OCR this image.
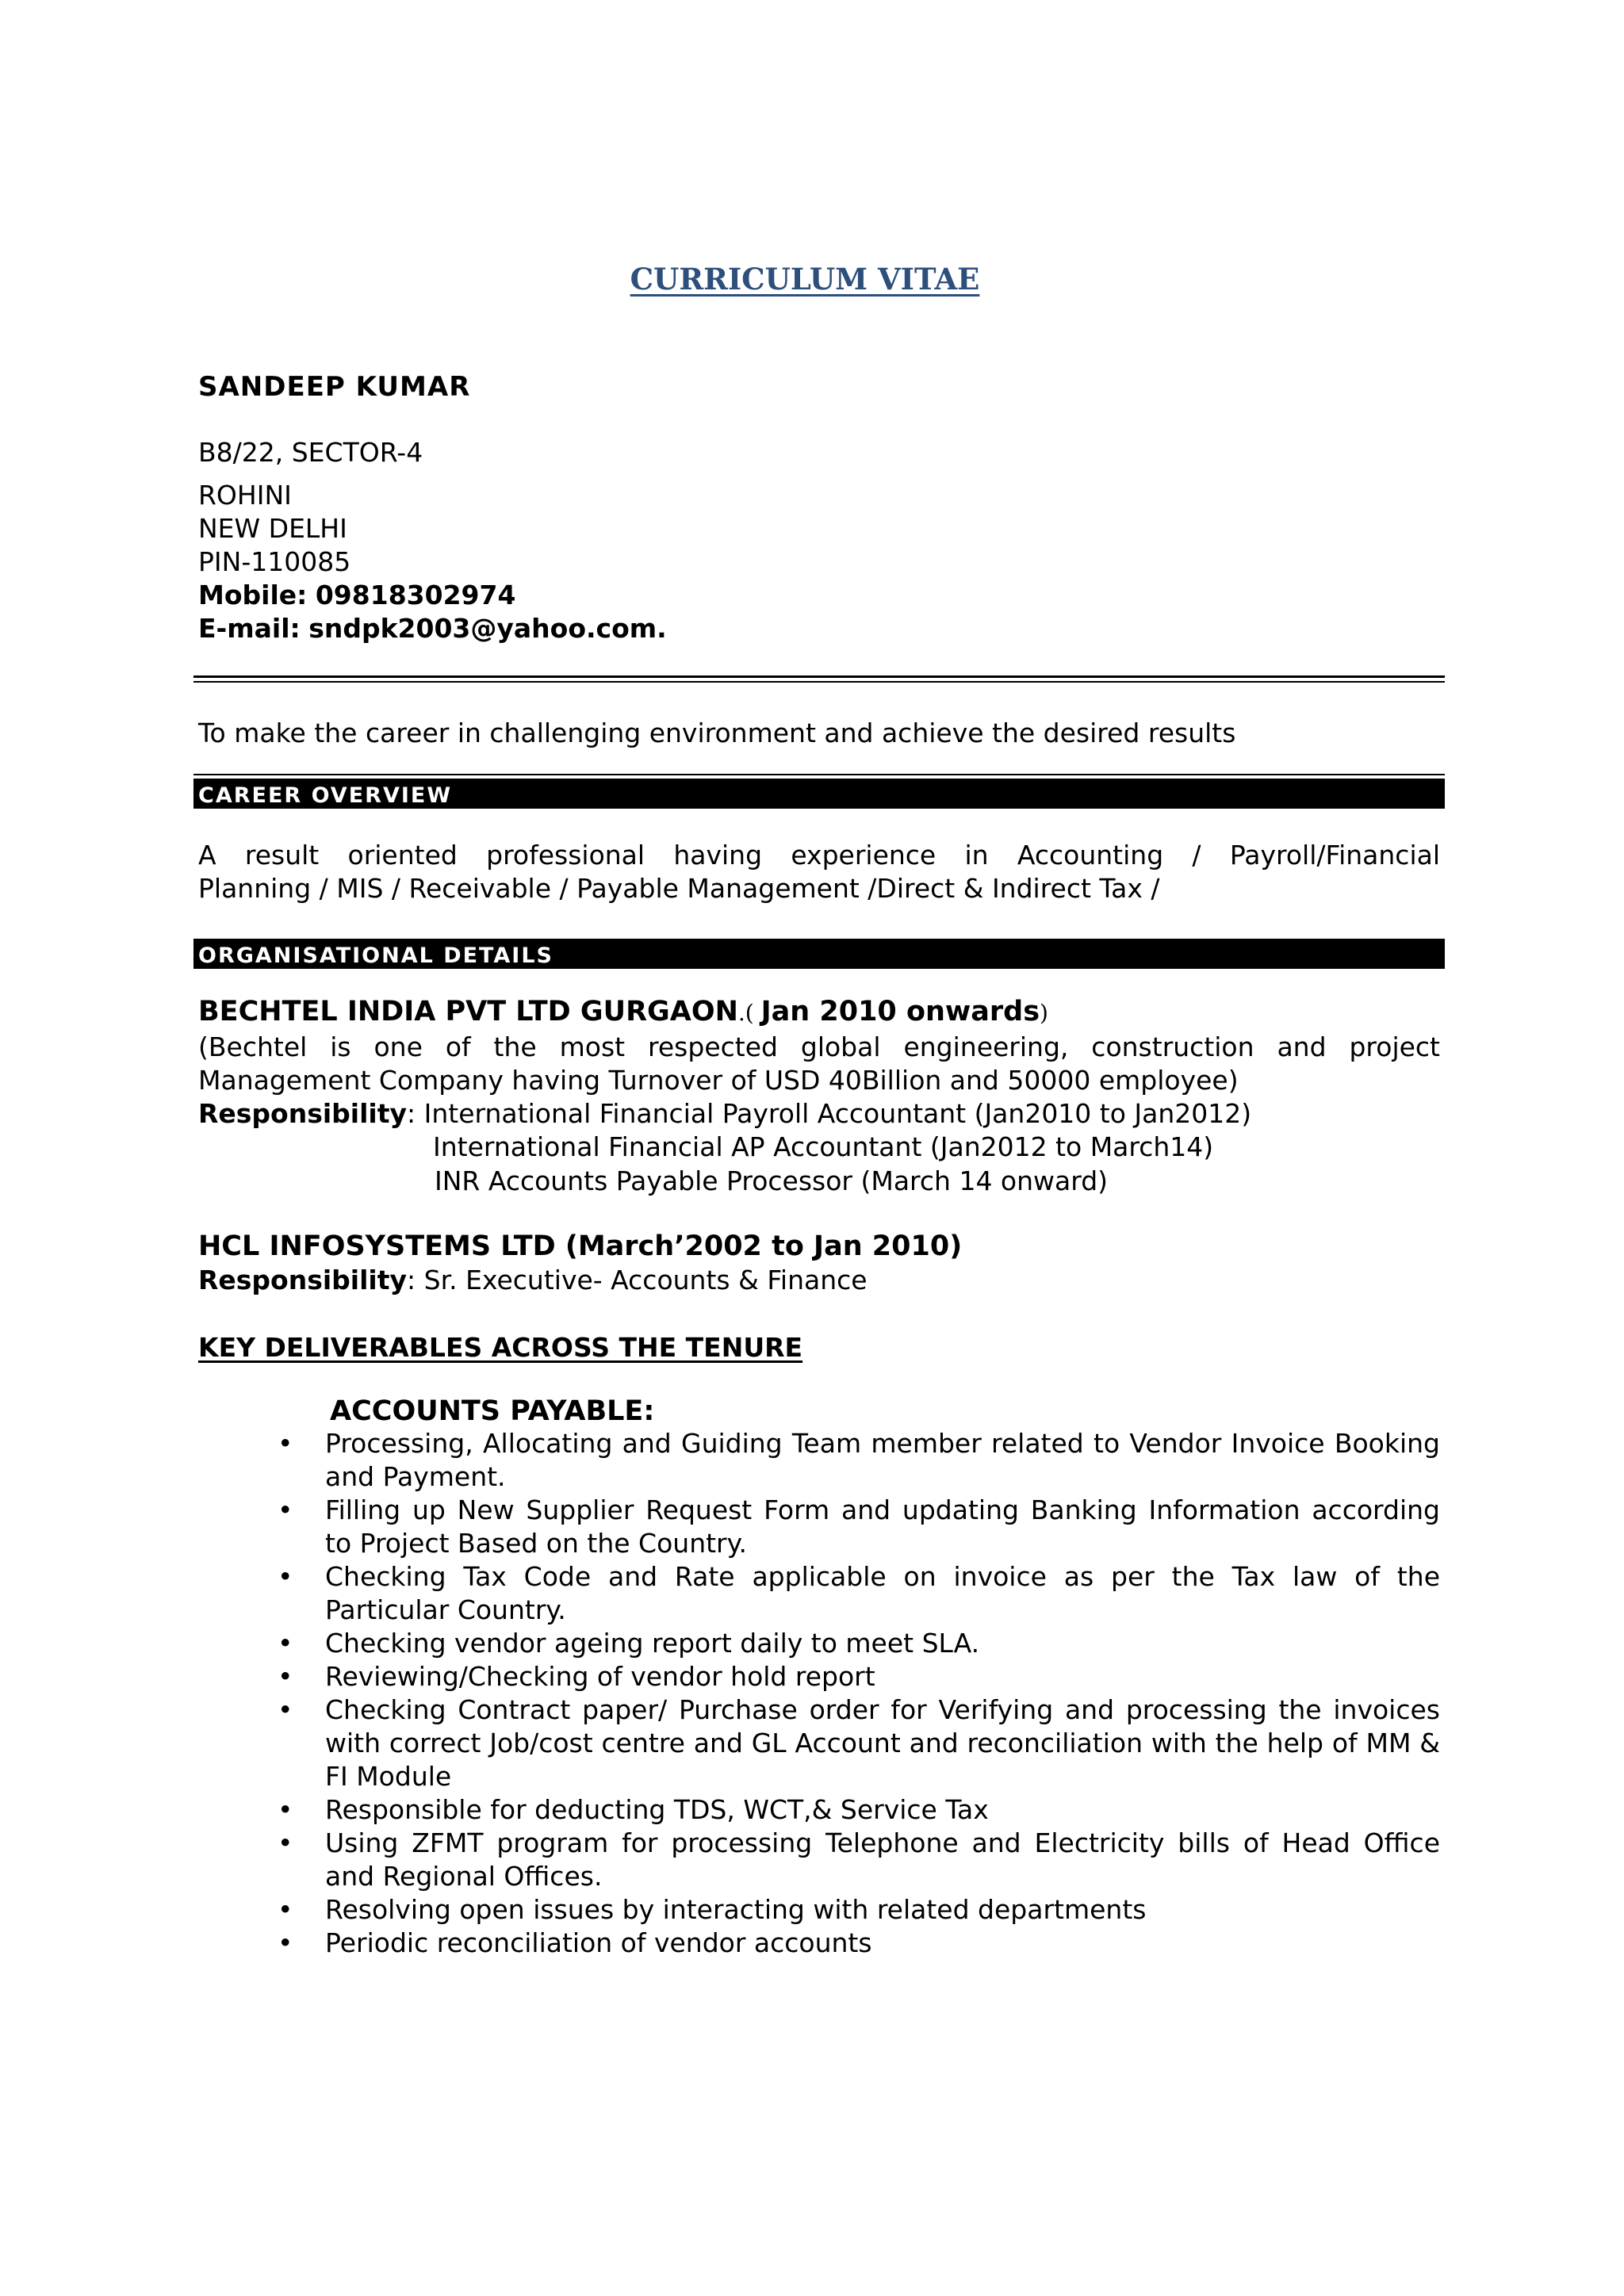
CURRICULUM VITAE
SANDEEP KUMAR
B8/22, SECTOR-4
ROHINI
NEW DELHI
PIN-110085
Mobile: 09818302974
E-mail: sndpk2003@yahoo.com.
To make the career in challenging environment and achieve the desired results
CAREER OVERVIEW
A result oriented professional having experience in Accounting / Payroll/Financial
Planning / MIS / Receivable / Payable Management /Direct & Indirect Tax /
ORGANISATIONAL DETAILS
BECHTEL INDIA PVT LTD GURGAON.( Jan 2010 onwards)
(Bechtel is one of the most respected global engineering, construction and project
Management Company having Turnover of USD 40Billion and 50000 employee)
Responsibility: International Financial Payroll Accountant (Jan2010 to Jan2012)
International Financial AP Accountant (Jan2012 to March14)
INR Accounts Payable Processor (March 14 onward)
HCL INFOSYSTEMS LTD (March’2002 to Jan 2010)
Responsibility: Sr. Executive- Accounts & Finance
KEY DELIVERABLES ACROSS THE TENURE
ACCOUNTS PAYABLE:
• Processing, Allocating and Guiding Team member related to Vendor Invoice Booking and Payment.
• Filling up New Supplier Request Form and updating Banking Information according to Project Based on the Country.
• Checking Tax Code and Rate applicable on invoice as per the Tax law of the Particular Country.
• Checking vendor ageing report daily to meet SLA.
• Reviewing/Checking of vendor hold report
• Checking Contract paper/ Purchase order for Verifying and processing the invoices with correct Job/cost centre and GL Account and reconciliation with the help of MM & FI Module
• Responsible for deducting TDS, WCT,& Service Tax
• Using ZFMT program for processing Telephone and Electricity bills of Head Office and Regional Offices.
• Resolving open issues by interacting with related departments
• Periodic reconciliation of vendor accounts
